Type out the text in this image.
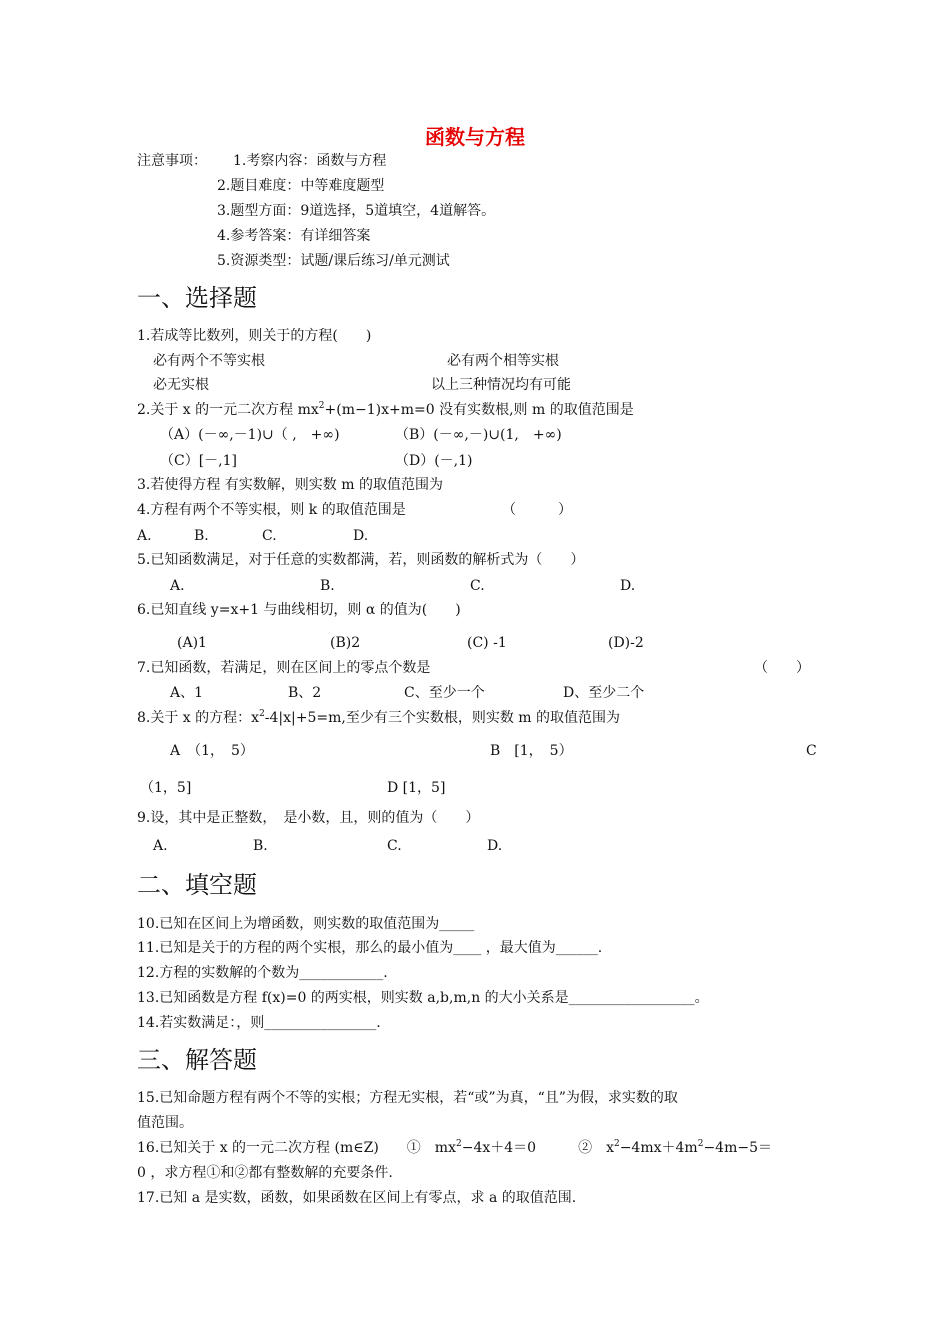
函数与方程
注意事项： 1.考察内容：函数与方程
2.题目难度：中等难度题型
3.题型方面：9道选择，5道填空，4道解答。
4.参考答案：有详细答案
5.资源类型：试题/课后练习/单元测试
一、选择题
1.若成等比数列，则关于的方程(　　)
必有两个不等实根	必有两个相等实根
必无实根	以上三种情况均有可能
2.关于 x 的一元二次方程 $mx^2+(m-1)x+m=0$ 没有实数根,则 m 的取值范围是
（A）(－∞,－1)∪（ ,　+∞)	（B）(－∞,－)∪(1,　+∞)
（C）[－,1]	（D）(－,1)
3.若使得方程 有实数解，则实数 m 的取值范围为
4.方程有两个不等实根，则 k 的取值范围是	（　　　）
A.	B.	C.	D.
5.已知函数满足，对于任意的实数都满，若，则函数的解析式为（　　）
A.	B.	C.	D.
6.已知直线 y=x+1 与曲线相切，则 α 的值为(　　)
(A)1	(B)2	(C) -1	(D)-2
7.已知函数，若满足，则在区间上的零点个数是	（　　）
A、1	B、2	C、至少一个	D、至少二个
8.关于 x 的方程：$x^2-4|x|+5=m$,至少有三个实数根，则实数 m 的取值范围为
A　（1，　5）	B　[1，　5）	C
（1，5]	D [1，5]
9.设，其中是正整数，　是小数，且，则的值为（　　）
A.	B.	C.	D.
二、填空题
10.已知在区间上为增函数，则实数的取值范围为_____
11.已知是关于的方程的两个实根，那么的最小值为____ ，最大值为______.
12.方程的实数解的个数为____________.
13.已知函数是方程 f(x)=0 的两实根，则实数 a,b,m,n 的大小关系是__________________。
14.若实数满足：，则________________.
三、解答题
15.已知命题方程有两个不等的实根；方程无实根，若“或”为真，“且”为假，求实数的取
值范围。
16.已知关于 x 的一元二次方程 (m∈Z)　　①　$mx^2-4x+4=0$　　　②　$x^2-4mx+4m^2-4m-5=$
0 ，求方程①和②都有整数解的充要条件.
17.已知 a 是实数，函数，如果函数在区间上有零点，求 a 的取值范围.
